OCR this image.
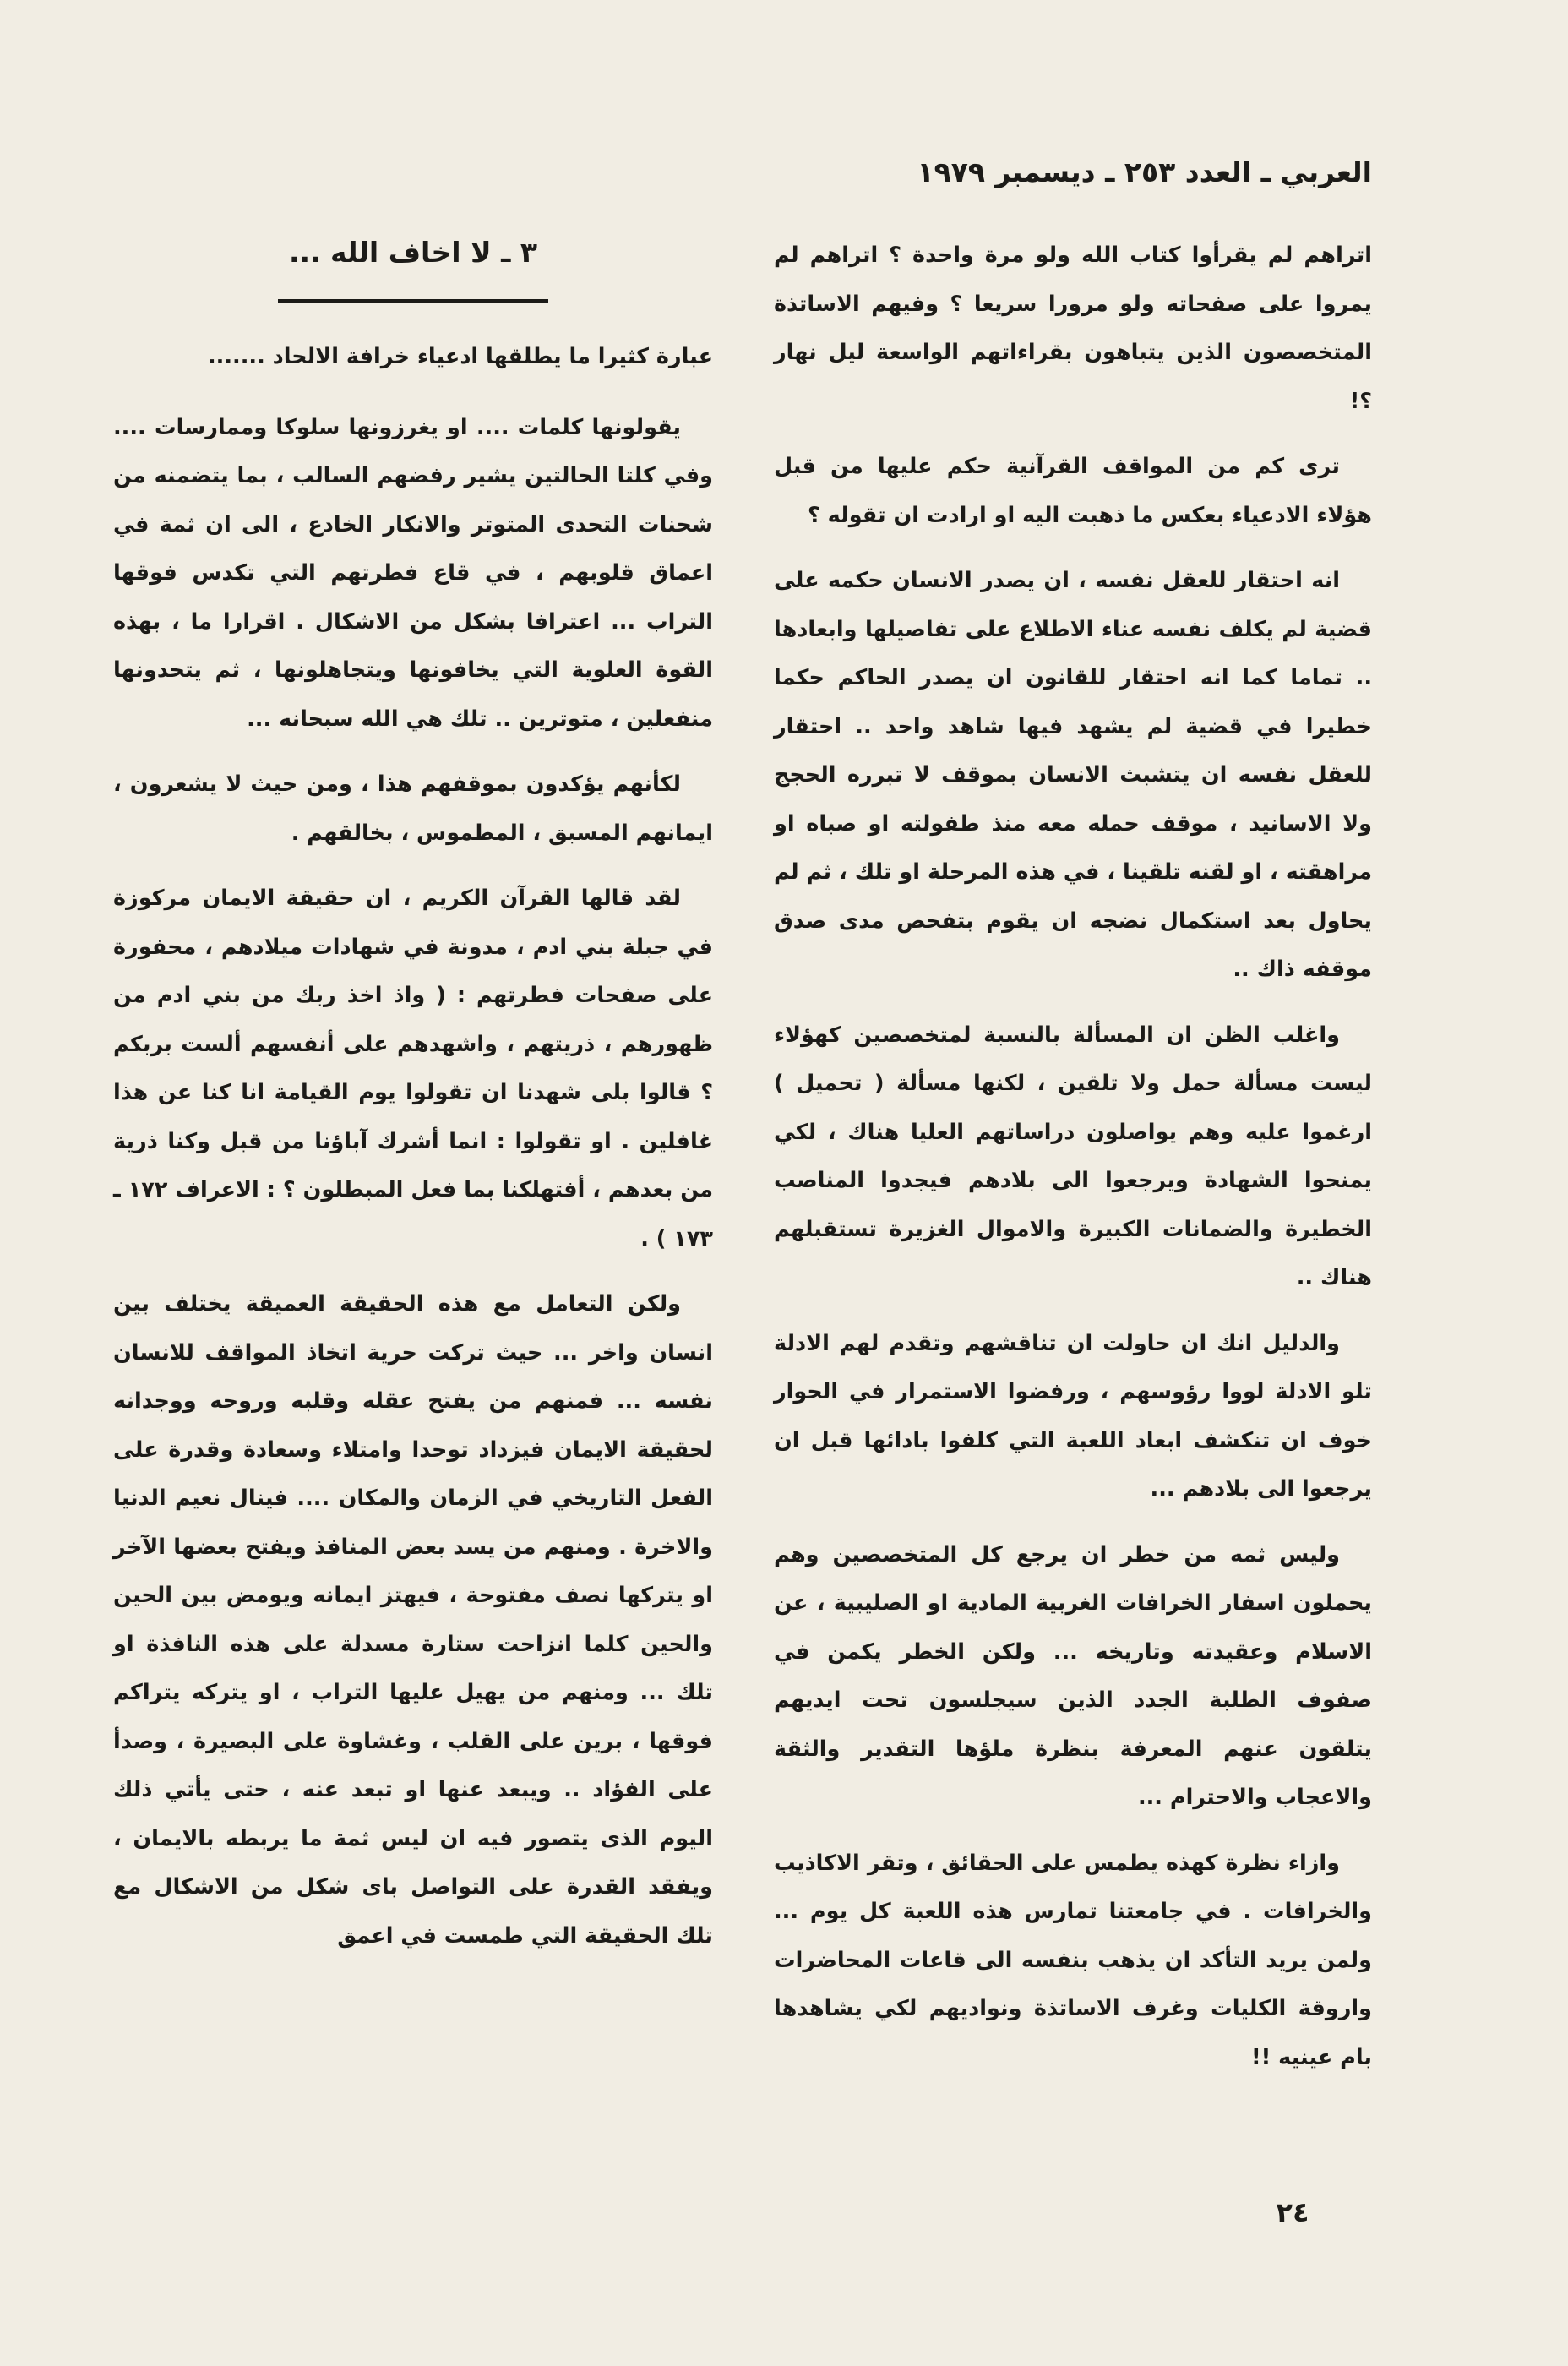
العربي ـ العدد ٢٥٣ ـ ديسمبر ١٩٧٩

اتراهم لم يقرأوا كتاب الله ولو مرة واحدة ؟ اتراهم لم يمروا على صفحاته ولو مرورا سريعا ؟ وفيهم الاساتذة المتخصصون الذين يتباهون بقراءاتهم الواسعة ليل نهار ؟!

ترى كم من المواقف القرآنية حكم عليها من قبل هؤلاء الادعياء بعكس ما ذهبت اليه او ارادت ان تقوله ؟

انه احتقار للعقل نفسه ، ان يصدر الانسان حكمه على قضية لم يكلف نفسه عناء الاطلاع على تفاصيلها وابعادها .. تماما كما انه احتقار للقانون ان يصدر الحاكم حكما خطيرا في قضية لم يشهد فيها شاهد واحد .. احتقار للعقل نفسه ان يتشبث الانسان بموقف لا تبرره الحجج ولا الاسانيد ، موقف حمله معه منذ طفولته او صباه او مراهقته ، او لقنه تلقينا ، في هذه المرحلة او تلك ، ثم لم يحاول بعد استكمال نضجه ان يقوم بتفحص مدى صدق موقفه ذاك ..

واغلب الظن ان المسألة بالنسبة لمتخصصين كهؤلاء ليست مسألة حمل ولا تلقين ، لكنها مسألة ( تحميل ) ارغموا عليه وهم يواصلون دراساتهم العليا هناك ، لكي يمنحوا الشهادة ويرجعوا الى بلادهم فيجدوا المناصب الخطيرة والضمانات الكبيرة والاموال الغزيرة تستقبلهم هناك ..

والدليل انك ان حاولت ان تناقشهم وتقدم لهم الادلة تلو الادلة لووا رؤوسهم ، ورفضوا الاستمرار في الحوار خوف ان تنكشف ابعاد اللعبة التي كلفوا بادائها قبل ان يرجعوا الى بلادهم ...

وليس ثمه من خطر ان يرجع كل المتخصصين وهم يحملون اسفار الخرافات الغربية المادية او الصليبية ، عن الاسلام وعقيدته وتاريخه ... ولكن الخطر يكمن في صفوف الطلبة الجدد الذين سيجلسون تحت ايديهم يتلقون عنهم المعرفة بنظرة ملؤها التقدير والثقة والاعجاب والاحترام ...

وازاء نظرة كهذه يطمس على الحقائق ، وتقر الاكاذيب والخرافات . في جامعتنا تمارس هذه اللعبة كل يوم ... ولمن يريد التأكد ان يذهب بنفسه الى قاعات المحاضرات واروقة الكليات وغرف الاساتذة ونواديهم لكي يشاهدها بام عينيه !!

٣ ـ لا اخاف الله ...
عبارة كثيرا ما يطلقها ادعياء خرافة الالحاد .......

يقولونها كلمات .... او يغرزونها سلوكا وممارسات .... وفي كلتا الحالتين يشير رفضهم السالب ، بما يتضمنه من شحنات التحدى المتوتر والانكار الخادع ، الى ان ثمة في اعماق قلوبهم ، في قاع فطرتهم التي تكدس فوقها التراب ... اعترافا بشكل من الاشكال . اقرارا ما ، بهذه القوة العلوية التي يخافونها ويتجاهلونها ، ثم يتحدونها منفعلين ، متوترين .. تلك هي الله سبحانه ...

لكأنهم يؤكدون بموقفهم هذا ، ومن حيث لا يشعرون ، ايمانهم المسبق ، المطموس ، بخالقهم .

لقد قالها القرآن الكريم ، ان حقيقة الايمان مركوزة في جبلة بني ادم ، مدونة في شهادات ميلادهم ، محفورة على صفحات فطرتهم : ( واذ اخذ ربك من بني ادم من ظهورهم ، ذريتهم ، واشهدهم على أنفسهم ألست بربكم ؟ قالوا بلى شهدنا ان تقولوا يوم القيامة انا كنا عن هذا غافلين . او تقولوا : انما أشرك آباؤنا من قبل وكنا ذرية من بعدهم ، أفتهلكنا بما فعل المبطلون ؟ : الاعراف ١٧٢ ـ ١٧٣ ) .

ولكن التعامل مع هذه الحقيقة العميقة يختلف بين انسان واخر ... حيث تركت حرية اتخاذ المواقف للانسان نفسه ... فمنهم من يفتح عقله وقلبه وروحه ووجدانه لحقيقة الايمان فيزداد توحدا وامتلاء وسعادة وقدرة على الفعل التاريخي في الزمان والمكان .... فينال نعيم الدنيا والاخرة . ومنهم من يسد بعض المنافذ ويفتح بعضها الآخر او يتركها نصف مفتوحة ، فيهتز ايمانه ويومض بين الحين والحين كلما انزاحت ستارة مسدلة على هذه النافذة او تلك ... ومنهم من يهيل عليها التراب ، او يتركه يتراكم فوقها ، برين على القلب ، وغشاوة على البصيرة ، وصدأ على الفؤاد .. ويبعد عنها او تبعد عنه ، حتى يأتي ذلك اليوم الذى يتصور فيه ان ليس ثمة ما يربطه بالايمان ، ويفقد القدرة على التواصل باى شكل من الاشكال مع تلك الحقيقة التي طمست في اعمق

٢٤
